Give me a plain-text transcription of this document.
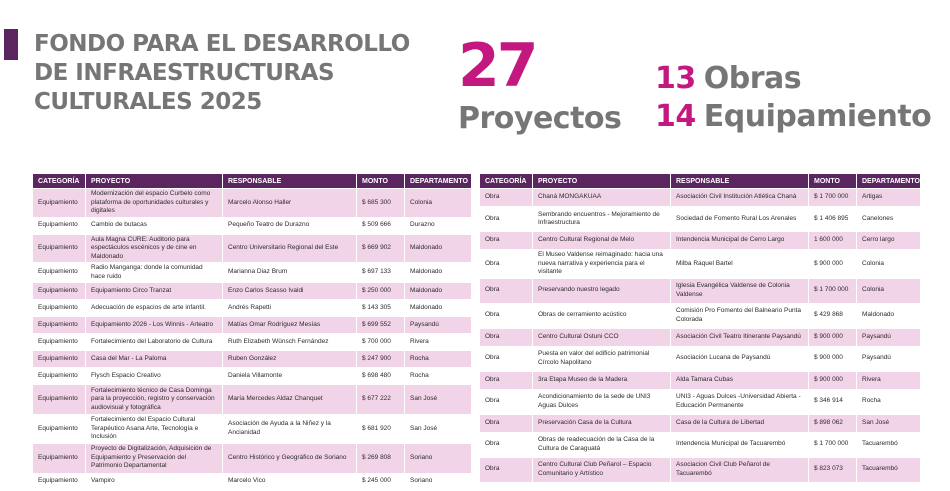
FONDO PARA EL DESARROLLO
DE INFRAESTRUCTURAS
CULTURALES 2025
27
Proyectos
13 Obras
14 Equipamiento
CATEGORÍA	PROYECTO	RESPONSABLE	MONTO	DEPARTAMENTO
Equipamiento	Modernización del espacio Curbelo como plataforma de oportunidades culturales y digitales	Marcelo Alonso Haller	$ 685 300	Colonia
Equipamiento	Cambio de butacas	Pequeño Teatro de Durazno	$ 509 666	Durazno
Equipamiento	Aula Magna CURE: Auditorio para espectáculos escénicos y de cine en Maldonado	Centro Universitario Regional del Este	$ 669 902	Maldonado
Equipamiento	Radio Manganga: donde la comunidad hace ruido	Marianna Diaz Brum	$ 697 133	Maldonado
Equipamiento	Equipamiento Circo Tranzat	Enzo Carlos Scasso Ivaldi	$ 250 000	Maldonado
Equipamiento	Adecuación de espacios de arte infantil.	Andrés Rapetti	$ 143 305	Maldonado
Equipamiento	Equipamiento 2026 - Los Winnis - Arteatro	Matías Omar Rodríguez Mesías	$ 699 552	Paysandú
Equipamiento	Fortalecimiento del Laboratorio de Cultura	Ruth Elizabeth Wünsch Fernández	$ 700 000	Rivera
Equipamiento	Casa del Mar - La Paloma	Ruben González	$ 247 900	Rocha
Equipamiento	Flysch Espacio Creativo	Daniela Villamonte	$ 698 480	Rocha
Equipamiento	Fortalecimiento técnico de Casa Dominga para la proyección, registro y conservación audiovisual y fotográfica	María Mercedes Aldaz Chanquet	$ 677 222	San José
Equipamiento	Fortalecimiento del Espacio Cultural Terapéutico Asana Arte, Tecnología e Inclusión	Asociación de Ayuda a la Niñez y la Ancianidad	$ 681 920	San José
Equipamiento	Proyecto de Digitalización, Adquisición de Equipamiento y Preservación del Patrimonio Departamental	Centro Histórico y Geográfico de Soriano	$ 269 808	Soriano
Equipamiento	Vampiro	Marcelo Vico	$ 245 000	Soriano
CATEGORÍA	PROYECTO	RESPONSABLE	MONTO	DEPARTAMENTO
Obra	Chaná MONGAKUAA	Asociación Civil Institución Atlética Chaná	$ 1 700 000	Artigas
Obra	Sembrando encuentros - Mejoramiento de Infraestructura	Sociedad de Fomento Rural Los Arenales	$ 1 406 895	Canelones
Obra	Centro Cultural Regional de Melo	Intendencia Municipal de Cerro Largo	1 600 000	Cerro largo
Obra	El Museo Valdense reimaginado: hacia una nueva narrativa y experiencia para el visitante	Milba Raquel Bartel	$ 900 000	Colonia
Obra	Preservando nuestro legado	Iglesia Evangélica Valdense de Colonia Valdense	$ 1 700 000	Colonia
Obra	Obras de cerramiento acústico	Comisión Pro Fomento del Balneario Punta Colorada	$ 429 868	Maldonado
Obra	Centro Cultural Ostuni CCO	Asociación Civil Teatro Itinerante Paysandú	$ 900 000	Paysandú
Obra	Puesta en valor del edificio patrimonial Círcolo Napolitano	Asociación Lucana de Paysandú	$ 900 000	Paysandú
Obra	3ra Etapa Museo de la Madera	Alda Tamara Cubas	$ 900 000	Rivera
Obra	Acondicionamiento de la sede de UNI3 Aguas Dulces	UNI3 - Aguas Dulces -Universidad Abierta - Educación Permanente	$ 346 914	Rocha
Obra	Preservación Casa de la Cultura	Casa de la Cultura de Libertad	$ 898 062	San José
Obra	Obras de readecuación de la Casa de la Cultura de Caraguatá	Intendencia Municipal de Tacuarembó	$ 1 700 000	Tacuarembó
Obra	Centro Cultural Club Peñarol – Espacio Comunitario y Artístico	Asociacion Civil Club Peñarol de Tacuarembó	$ 823 073	Tacuarembó
